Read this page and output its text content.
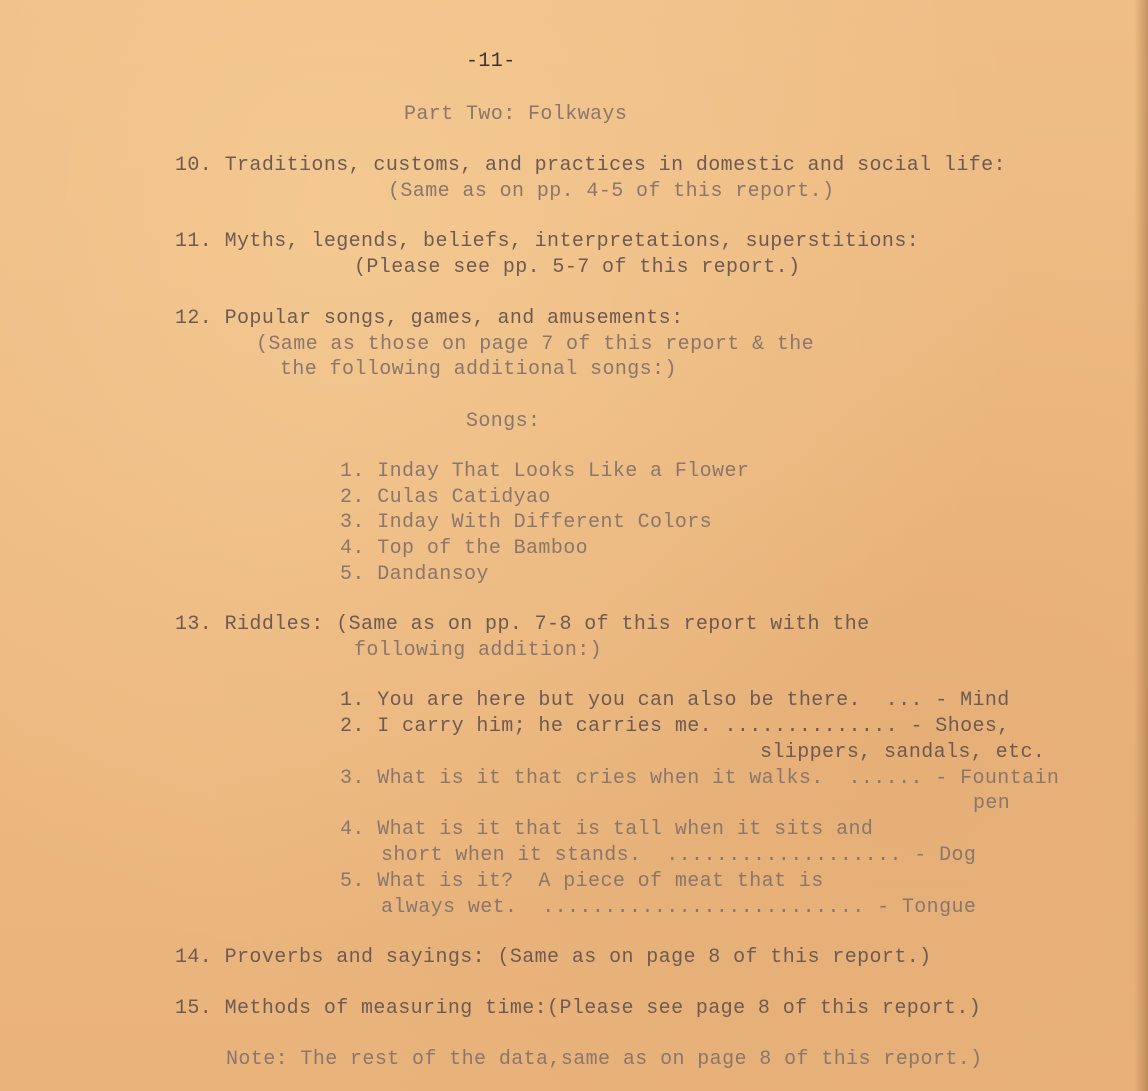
-11-
Part Two: Folkways
10. Traditions, customs, and practices in domestic and social life:
(Same as on pp. 4-5 of this report.)
11. Myths, legends, beliefs, interpretations, superstitions:
(Please see pp. 5-7 of this report.)
12. Popular songs, games, and amusements:
(Same as those on page 7 of this report & the
the following additional songs:)
Songs:
1. Inday That Looks Like a Flower
2. Culas Catidyao
3. Inday With Different Colors
4. Top of the Bamboo
5. Dandansoy
13. Riddles: (Same as on pp. 7-8 of this report with the
following addition:)
1. You are here but you can also be there.  ... - Mind
2. I carry him; he carries me. .............. - Shoes,
slippers, sandals, etc.
3. What is it that cries when it walks.  ...... - Fountain
pen
4. What is it that is tall when it sits and
short when it stands.  ................... - Dog
5. What is it?  A piece of meat that is
always wet.  .......................... - Tongue
14. Proverbs and sayings: (Same as on page 8 of this report.)
15. Methods of measuring time:(Please see page 8 of this report.)
Note: The rest of the data,same as on page 8 of this report.)
